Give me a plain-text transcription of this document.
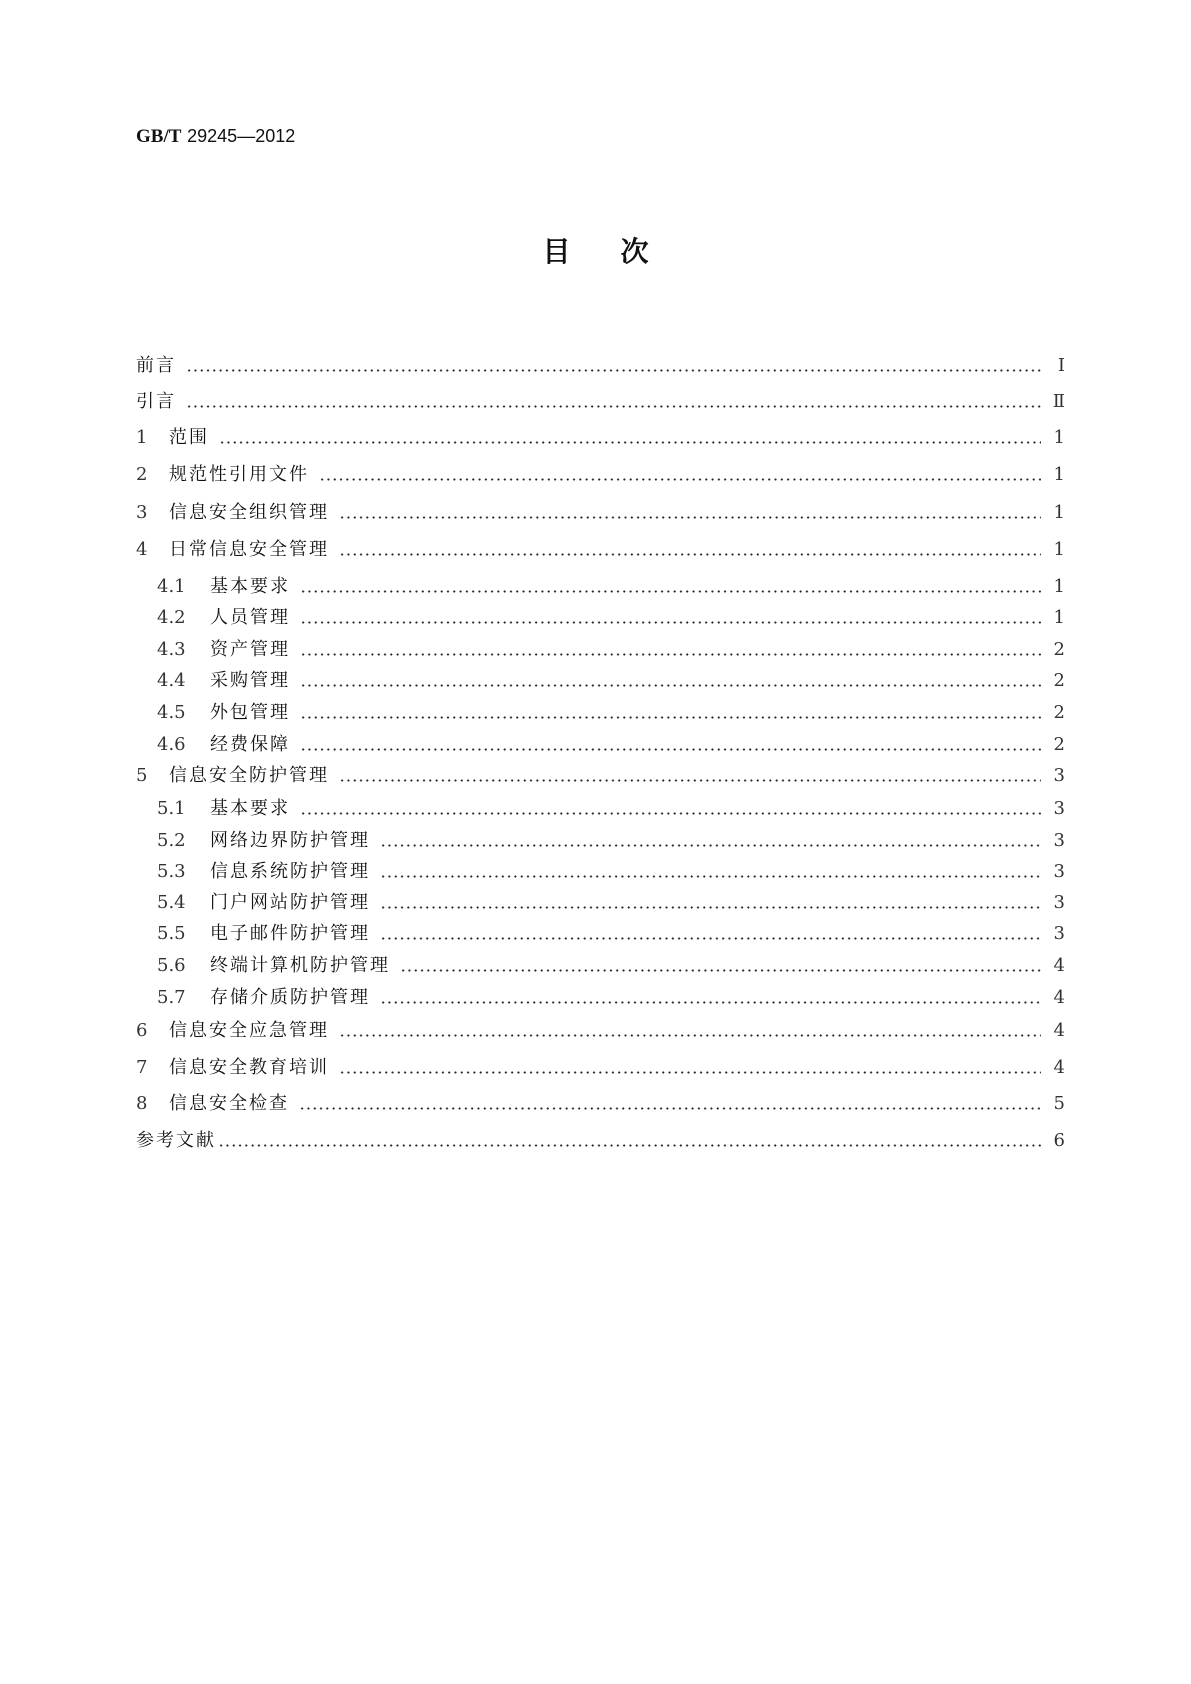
GB/T 29245—2012
目次
前言	Ⅰ
引言	Ⅱ
1	范围	1
2	规范性引用文件	1
3	信息安全组织管理	1
4	日常信息安全管理	1
4.1	基本要求	1
4.2	人员管理	1
4.3	资产管理	2
4.4	采购管理	2
4.5	外包管理	2
4.6	经费保障	2
5	信息安全防护管理	3
5.1	基本要求	3
5.2	网络边界防护管理	3
5.3	信息系统防护管理	3
5.4	门户网站防护管理	3
5.5	电子邮件防护管理	3
5.6	终端计算机防护管理	4
5.7	存储介质防护管理	4
6	信息安全应急管理	4
7	信息安全教育培训	4
8	信息安全检查	5
参考文献	6
